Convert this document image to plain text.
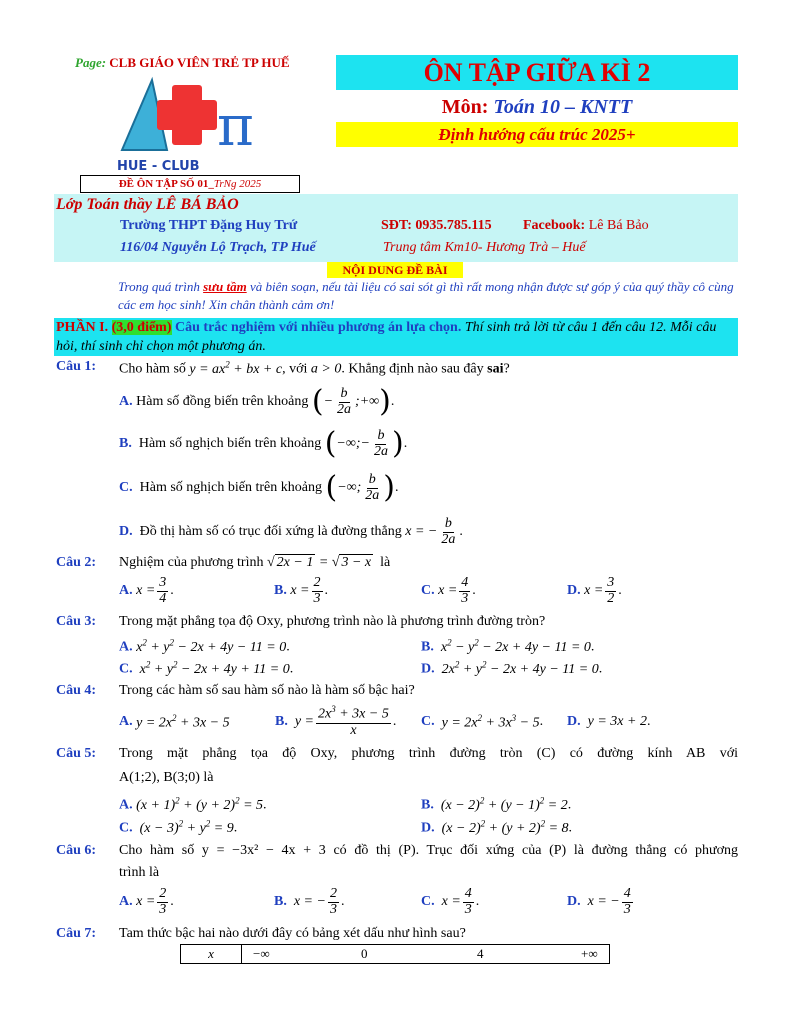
Page: CLB GIÁO VIÊN TRẺ TP HUẾ
π
HUE - CLUB
ĐỀ ÔN TẬP SỐ 01_TrNg 2025
ÔN TẬP GIỮA KÌ 2
Môn: Toán 10 – KNTT
Định hướng cấu trúc 2025+
Lớp Toán thầy LÊ BÁ BẢO
Trường THPT Đặng Huy Trứ	SĐT: 0935.785.115 Facebook: Lê Bá Bảo
116/04 Nguyễn Lộ Trạch, TP Huế	Trung tâm Km10- Hương Trà – Huế
NỘI DUNG ĐỀ BÀI
Trong quá trình sưu tầm và biên soạn, nếu tài liệu có sai sót gì thì rất mong nhận được sự góp ý của quý thầy cô cùng các em học sinh! Xin chân thành cảm ơn!
PHẦN I. (3,0 điểm) Câu trắc nghiệm với nhiều phương án lựa chọn. Thí sinh trả lời từ câu 1 đến câu 12. Mỗi câu hỏi, thí sinh chỉ chọn một phương án.
Câu 1: Cho hàm số $y = ax^2$ + bx + c, với a > 0. Khẳng định nào sau đây sai?
A.
Hàm số đồng biến trên khoảng
( − $\frac{b}{2a}$ ;+∞ ) .
B.
Hàm số nghịch biến trên khoảng
( −∞;− $\frac{b}{2a}$ ) .
C.
Hàm số nghịch biến trên khoảng
( −∞; $\frac{b}{2a}$ ) .
D.
Đồ thị hàm số có trục đối xứng là đường thẳng
x = − $\frac{b}{2a}$ .
Câu 2: Nghiệm của phương trình √ 2x − 1 = √ 3 − x là
A.
$x = \frac{3}{4}$ .	B.
$x = \frac{2}{3}$ .	C.
$x = \frac{4}{3}$ .	D.
$x = \frac{3}{2}$ .
Câu 3: Trong mặt phẳng tọa độ Oxy, phương trình nào là phương trình đường tròn?
A. $x^2 + y^2 - 2x + 4y - 11 = 0$.	B. $x^2 - y^2 - 2x + 4y - 11 = 0$.
C. $x^2 + y^2 - 2x + 4y + 11 = 0$.	D. $2x^2 + y^2 - 2x + 4y - 11 = 0$.
Câu 4: Trong các hàm số sau hàm số nào là hàm số bậc hai?
A.
$y = 2x^2 + 3x - 5$	B.
$y = \frac{2x^3 + 3x - 5}{x}$ . C.
$y = 2x^2 + 3x^3 - 5$ . D.
y = 3x + 2 .
Câu 5: Trong mặt phẳng tọa độ Oxy, phương trình đường tròn (C) có đường kính AB với
A(1;2), B(3;0) là
A. $(x + 1)^2 + (y + 2)^2 = 5$.	B. $(x - 2)^2 + (y - 1)^2 = 2$.
C. $(x - 3)^2 + y^2 = 9$.	D. $(x - 2)^2 + (y + 2)^2 = 8$.
Câu 6: Cho hàm số y = −3x² − 4x + 3 có đồ thị (P). Trục đối xứng của (P) là đường thẳng có phương
trình là
A.
$x = \frac{2}{3}$ .	B.
x = − $\frac{2}{3}$ .	C.
$x = \frac{4}{3}$ .	D.
x = − $\frac{4}{3}$
Câu 7: Tam thức bậc hai nào dưới đây có bảng xét dấu như hình sau?
x	−∞	0	4	+∞
